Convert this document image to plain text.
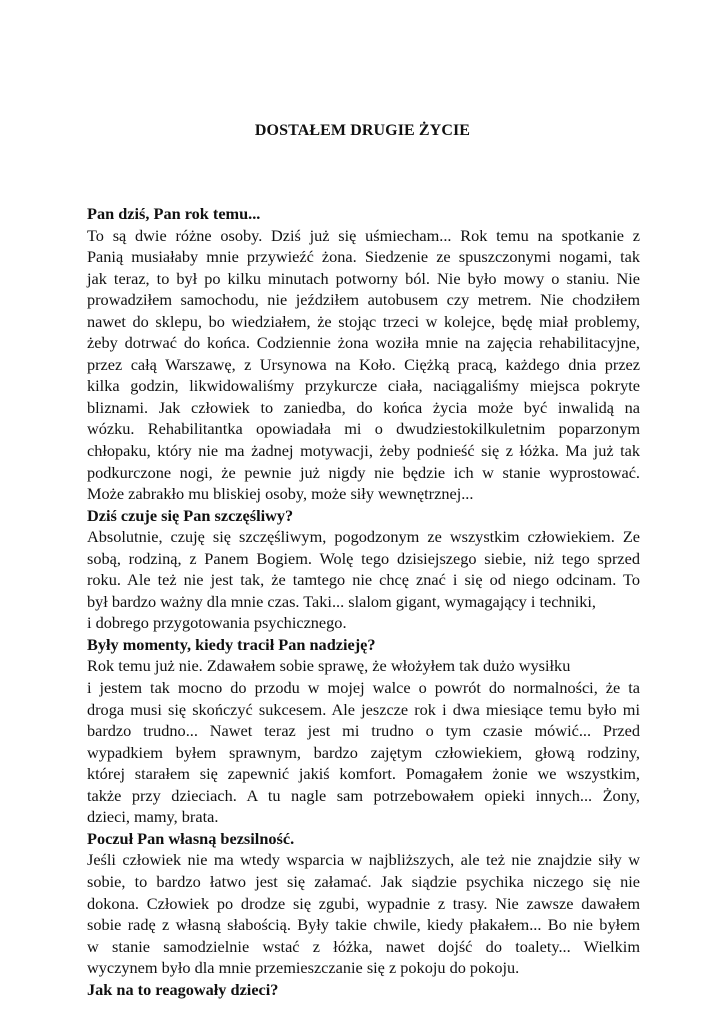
DOSTAŁEM DRUGIE ŻYCIE
Pan dziś, Pan rok temu...
To są dwie różne osoby. Dziś już się uśmiecham... Rok temu na spotkanie z
Panią musiałaby mnie przywieźć żona. Siedzenie ze spuszczonymi nogami, tak
jak teraz, to był po kilku minutach potworny ból. Nie było mowy o staniu. Nie
prowadziłem samochodu, nie jeździłem autobusem czy metrem. Nie chodziłem
nawet do sklepu, bo wiedziałem, że stojąc trzeci w kolejce, będę miał problemy,
żeby dotrwać do końca. Codziennie żona woziła mnie na zajęcia rehabilitacyjne,
przez całą Warszawę, z Ursynowa na Koło. Ciężką pracą, każdego dnia przez
kilka godzin, likwidowaliśmy przykurcze ciała, naciągaliśmy miejsca pokryte
bliznami. Jak człowiek to zaniedba, do końca życia może być inwalidą na
wózku. Rehabilitantka opowiadała mi o dwudziestokilkuletnim poparzonym
chłopaku, który nie ma żadnej motywacji, żeby podnieść się z łóżka. Ma już tak
podkurczone nogi, że pewnie już nigdy nie będzie ich w stanie wyprostować.
Może zabrakło mu bliskiej osoby, może siły wewnętrznej...
Dziś czuje się Pan szczęśliwy?
Absolutnie, czuję się szczęśliwym, pogodzonym ze wszystkim człowiekiem. Ze
sobą, rodziną, z Panem Bogiem. Wolę tego dzisiejszego siebie, niż tego sprzed
roku. Ale też nie jest tak, że tamtego nie chcę znać i się od niego odcinam. To
był bardzo ważny dla mnie czas. Taki... slalom gigant, wymagający i techniki,
i dobrego przygotowania psychicznego.
Były momenty, kiedy tracił Pan nadzieję?
Rok temu już nie. Zdawałem sobie sprawę, że włożyłem tak dużo wysiłku
i jestem tak mocno do przodu w mojej walce o powrót do normalności, że ta
droga musi się skończyć sukcesem. Ale jeszcze rok i dwa miesiące temu było mi
bardzo trudno... Nawet teraz jest mi trudno o tym czasie mówić... Przed
wypadkiem byłem sprawnym, bardzo zajętym człowiekiem, głową rodziny,
której starałem się zapewnić jakiś komfort. Pomagałem żonie we wszystkim,
także przy dzieciach. A tu nagle sam potrzebowałem opieki innych... Żony,
dzieci, mamy, brata.
Poczuł Pan własną bezsilność.
Jeśli człowiek nie ma wtedy wsparcia w najbliższych, ale też nie znajdzie siły w
sobie, to bardzo łatwo jest się załamać. Jak siądzie psychika niczego się nie
dokona. Człowiek po drodze się zgubi, wypadnie z trasy. Nie zawsze dawałem
sobie radę z własną słabością. Były takie chwile, kiedy płakałem... Bo nie byłem
w stanie samodzielnie wstać z łóżka, nawet dojść do toalety... Wielkim
wyczynem było dla mnie przemieszczanie się z pokoju do pokoju.
Jak na to reagowały dzieci?
